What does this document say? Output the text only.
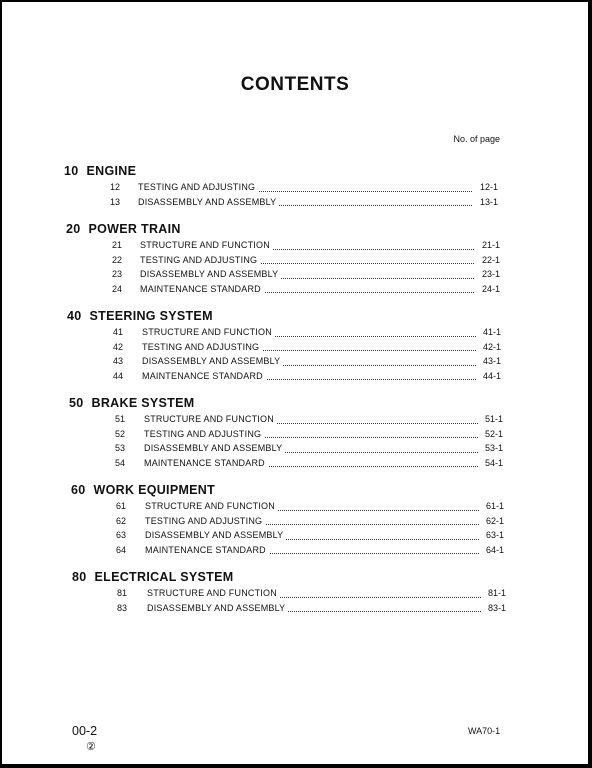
CONTENTS
No. of page
10 ENGINE
12	TESTING AND ADJUSTING	12-1
13	DISASSEMBLY AND ASSEMBLY	13-1
20 POWER TRAIN
21	STRUCTURE AND FUNCTION	21-1
22	TESTING AND ADJUSTING	22-1
23	DISASSEMBLY AND ASSEMBLY	23-1
24	MAINTENANCE STANDARD	24-1
40 STEERING SYSTEM
41	STRUCTURE AND FUNCTION	41-1
42	TESTING AND ADJUSTING	42-1
43	DISASSEMBLY AND ASSEMBLY	43-1
44	MAINTENANCE STANDARD	44-1
50 BRAKE SYSTEM
51	STRUCTURE AND FUNCTION	51-1
52	TESTING AND ADJUSTING	52-1
53	DISASSEMBLY AND ASSEMBLY	53-1
54	MAINTENANCE STANDARD	54-1
60 WORK EQUIPMENT
61	STRUCTURE AND FUNCTION	61-1
62	TESTING AND ADJUSTING	62-1
63	DISASSEMBLY AND ASSEMBLY	63-1
64	MAINTENANCE STANDARD	64-1
80 ELECTRICAL SYSTEM
81	STRUCTURE AND FUNCTION	81-1
83	DISASSEMBLY AND ASSEMBLY	83-1
00-2
②
WA70-1
